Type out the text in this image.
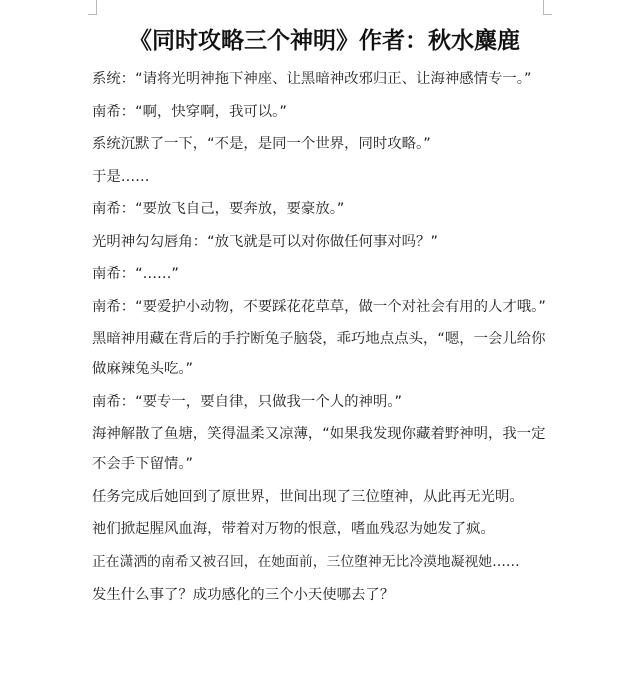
《同时攻略三个神明》作者：秋水麋鹿

系统：“请将光明神拖下神座、让黑暗神改邪归正、让海神感情专一。”

南希：“啊，快穿啊，我可以。”

系统沉默了一下，“不是，是同一个世界，同时攻略。”

于是……

南希：“要放飞自己，要奔放，要豪放。”

光明神勾勾唇角：“放飞就是可以对你做任何事对吗？”

南希：“……”

南希：“要爱护小动物，不要踩花花草草，做一个对社会有用的人才哦。”

黑暗神用藏在背后的手拧断兔子脑袋，乖巧地点点头，“嗯，一会儿给你做麻辣兔头吃。”

南希：“要专一，要自律，只做我一个人的神明。”

海神解散了鱼塘，笑得温柔又凉薄，“如果我发现你藏着野神明，我一定不会手下留情。”

任务完成后她回到了原世界，世间出现了三位堕神，从此再无光明。

祂们掀起腥风血海，带着对万物的恨意，嗜血残忍为她发了疯。

正在潇洒的南希又被召回，在她面前，三位堕神无比冷漠地凝视她……

发生什么事了？成功感化的三个小天使哪去了？
